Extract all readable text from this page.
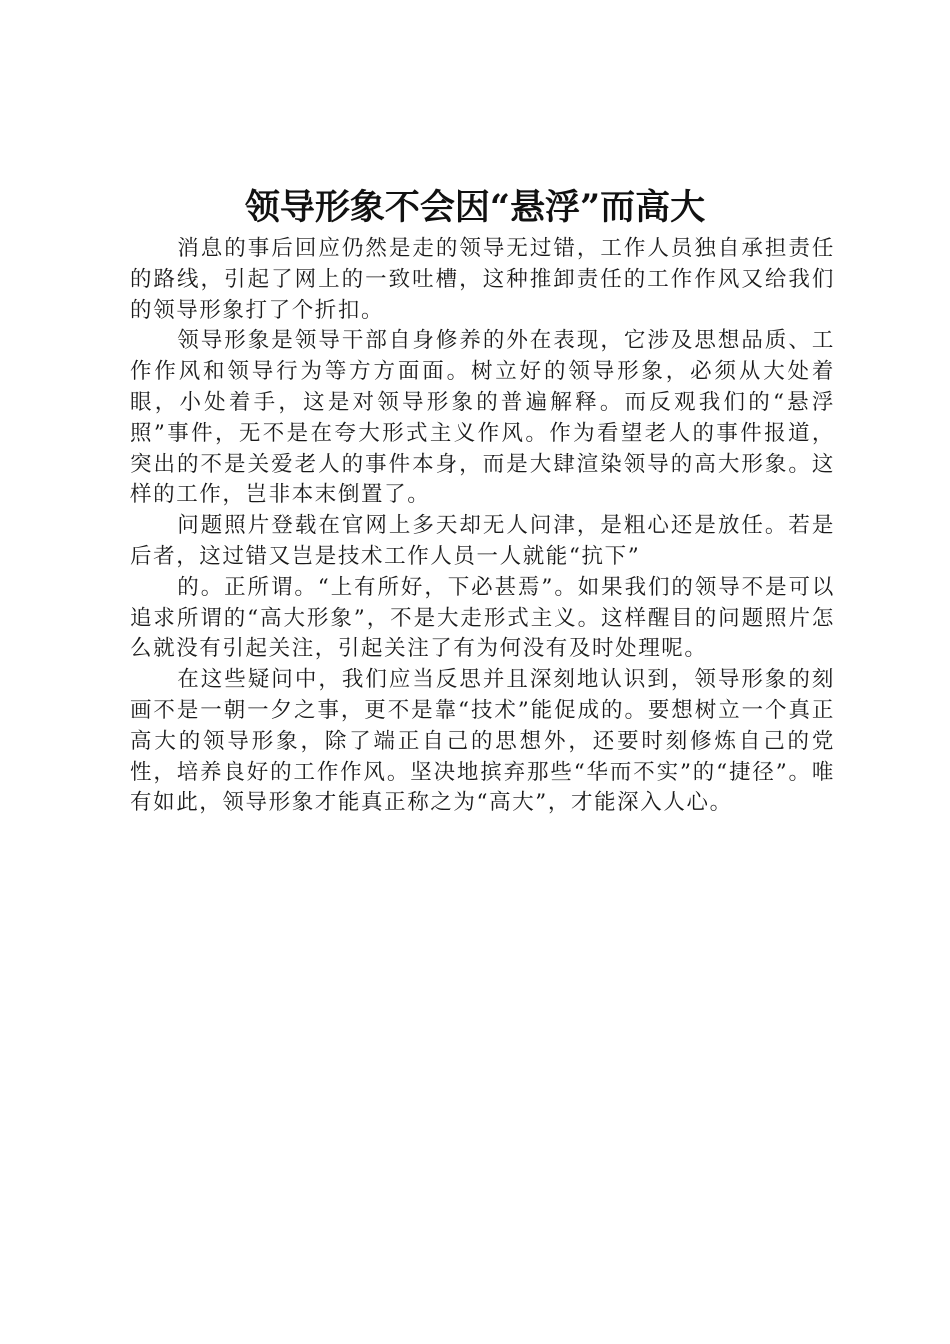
领导形象不会因“悬浮”而高大

消息的事后回应仍然是走的领导无过错，工作人员独自承担责任的路线，引起了网上的一致吐槽，这种推卸责任的工作作风又给我们的领导形象打了个折扣。

领导形象是领导干部自身修养的外在表现，它涉及思想品质、工作作风和领导行为等方方面面。树立好的领导形象，必须从大处着眼，小处着手，这是对领导形象的普遍解释。而反观我们的“悬浮照”事件，无不是在夸大形式主义作风。作为看望老人的事件报道，突出的不是关爱老人的事件本身，而是大肆渲染领导的高大形象。这样的工作，岂非本末倒置了。

问题照片登载在官网上多天却无人问津，是粗心还是放任。若是后者，这过错又岂是技术工作人员一人就能“抗下”

的。正所谓。“上有所好，下必甚焉”。如果我们的领导不是可以追求所谓的“高大形象”，不是大走形式主义。这样醒目的问题照片怎么就没有引起关注，引起关注了有为何没有及时处理呢。

在这些疑问中，我们应当反思并且深刻地认识到，领导形象的刻画不是一朝一夕之事，更不是靠“技术”能促成的。要想树立一个真正高大的领导形象，除了端正自己的思想外，还要时刻修炼自己的党性，培养良好的工作作风。坚决地摈弃那些“华而不实”的“捷径”。唯有如此，领导形象才能真正称之为“高大”，才能深入人心。
